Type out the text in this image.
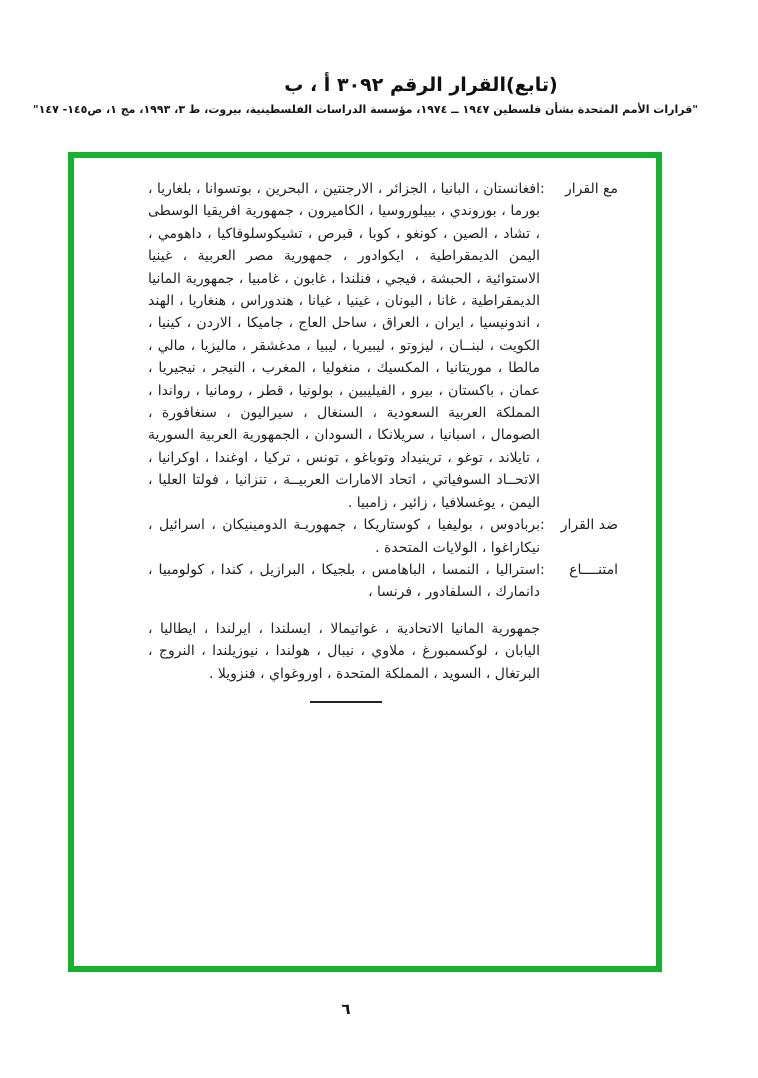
(تابع)القرار الرقم ٣٠٩٢ أ ، ب
"قرارات الأمم المتحدة بشأن فلسطين ١٩٤٧ ــ ١٩٧٤، مؤسسة الدراسات الفلسطينية، بيروت، ط ٣، ١٩٩٣، مج ١، ص١٤٥- ١٤٧"
مع القرار
:
افغانستان ، البانيا ، الجزائر ، الارجنتين ، البحرين ، بوتسوانا ، بلغاريا ، بورما ، بوروندي ، بييلوروسيا ، الكاميرون ، جمهورية افريقيا الوسطى ، تشاد ، الصين ، كونغو ، كوبا ، قبرص ، تشيكوسلوفاكيا ، داهومي ، اليمن الديمقراطية ، ايكوادور ، جمهورية مصر العربية ، غينيا الاستوائية ، الحبشة ، فيجي ، فنلندا ، غابون ، غامبيا ، جمهورية المانيا الديمقراطية ، غانا ، اليونان ، غينيا ، غيانا ، هندوراس ، هنغاريا ، الهند ، اندونيسيا ، ايران ، العراق ، ساحل العاج ، جاميكا ، الاردن ، كينيا ، الكويت ، لبنــان ، ليزوتو ، ليبيريا ، ليبيا ، مدغشقر ، ماليزيا ، مالي ، مالطا ، موريتانيا ، المكسيك ، منغوليا ، المغرب ، النيجر ، نيجيريا ، عمان ، باكستان ، بيرو ، الفيليبين ، بولونيا ، قطر ، رومانيا ، رواندا ، المملكة العربية السعودية ، السنغال ، سيراليون ، سنغافورة ، الصومال ، اسبانيا ، سريلانكا ، السودان ، الجمهورية العربية السورية ، تايلاند ، توغو ، ترينيداد وتوباغو ، تونس ، تركيا ، اوغندا ، اوكرانيا ، الاتحــاد السوفياتي ، اتحاد الامارات العربيــة ، تنزانيا ، فولتا العليا ، اليمن ، يوغسلافيا ، زائير ، زامبيا .
ضد القرار
:
بربادوس ، بوليفيا ، كوستاريكا ، جمهوريـة الدومينيكان ، اسرائيل ، نيكاراغوا ، الولايات المتحدة .
امتنــــاع
:
استراليا ، النمسا ، الباهامس ، بلجيكا ، البرازيل ، كندا ، كولومبيا ، دانمارك ، السلفادور ، فرنسا ،
جمهورية المانيا الاتحادية ، غواتيمالا ، ايسلندا ، ايرلندا ، ايطاليا ، اليابان ، لوكسمبورغ ، ملاوي ، نيبال ، هولندا ، نيوزيلندا ، النروج ، البرتغال ، السويد ، المملكة المتحدة ، اوروغواي ، فنزويلا .
٦
